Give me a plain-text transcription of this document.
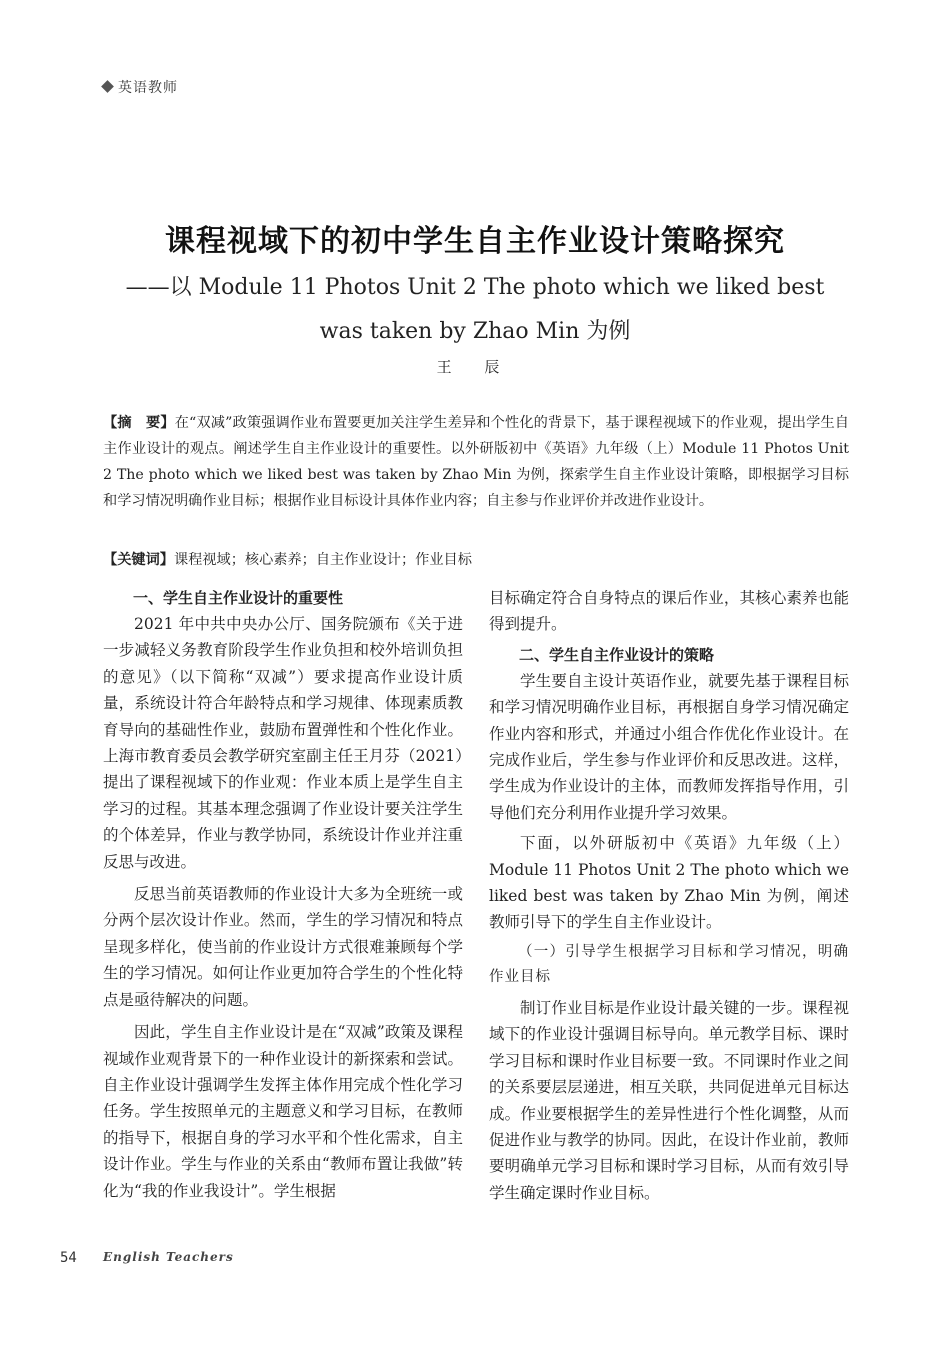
英语教师
课程视域下的初中学生自主作业设计策略探究
——以 Module 11 Photos Unit 2 The photo which we liked best was taken by Zhao Min 为例
王 辰
【摘　要】在“双减”政策强调作业布置要更加关注学生差异和个性化的背景下，基于课程视域下的作业观，提出学生自主作业设计的观点。阐述学生自主作业设计的重要性。以外研版初中《英语》九年级（上）Module 11 Photos Unit 2 The photo which we liked best was taken by Zhao Min 为例，探索学生自主作业设计策略，即根据学习目标和学习情况明确作业目标；根据作业目标设计具体作业内容；自主参与作业评价并改进作业设计。
【关键词】课程视域；核心素养；自主作业设计；作业目标
一、学生自主作业设计的重要性

2021 年中共中央办公厅、国务院颁布《关于进一步减轻义务教育阶段学生作业负担和校外培训负担的意见》（以下简称“双减”）要求提高作业设计质量，系统设计符合年龄特点和学习规律、体现素质教育导向的基础性作业，鼓励布置弹性和个性化作业。上海市教育委员会教学研究室副主任王月芬（2021）提出了课程视域下的作业观：作业本质上是学生自主学习的过程。其基本理念强调了作业设计要关注学生的个体差异，作业与教学协同，系统设计作业并注重反思与改进。

反思当前英语教师的作业设计大多为全班统一或分两个层次设计作业。然而，学生的学习情况和特点呈现多样化，使当前的作业设计方式很难兼顾每个学生的学习情况。如何让作业更加符合学生的个性化特点是亟待解决的问题。

因此，学生自主作业设计是在“双减”政策及课程视域作业观背景下的一种作业设计的新探索和尝试。自主作业设计强调学生发挥主体作用完成个性化学习任务。学生按照单元的主题意义和学习目标，在教师的指导下，根据自身的学习水平和个性化需求，自主设计作业。学生与作业的关系由“教师布置让我做”转化为“我的作业我设计”。学生根据

目标确定符合自身特点的课后作业，其核心素养也能得到提升。

二、学生自主作业设计的策略

学生要自主设计英语作业，就要先基于课程目标和学习情况明确作业目标，再根据自身学习情况确定作业内容和形式，并通过小组合作优化作业设计。在完成作业后，学生参与作业评价和反思改进。这样，学生成为作业设计的主体，而教师发挥指导作用，引导他们充分利用作业提升学习效果。

下面，以外研版初中《英语》九年级（上）Module 11 Photos Unit 2 The photo which we liked best was taken by Zhao Min 为例，阐述教师引导下的学生自主作业设计。

（一）引导学生根据学习目标和学习情况，明确作业目标

制订作业目标是作业设计最关键的一步。课程视域下的作业设计强调目标导向。单元教学目标、课时学习目标和课时作业目标要一致。不同课时作业之间的关系要层层递进，相互关联，共同促进单元目标达成。作业要根据学生的差异性进行个性化调整，从而促进作业与教学的协同。因此，在设计作业前，教师要明确单元学习目标和课时学习目标，从而有效引导学生确定课时作业目标。

54 English Teachers
